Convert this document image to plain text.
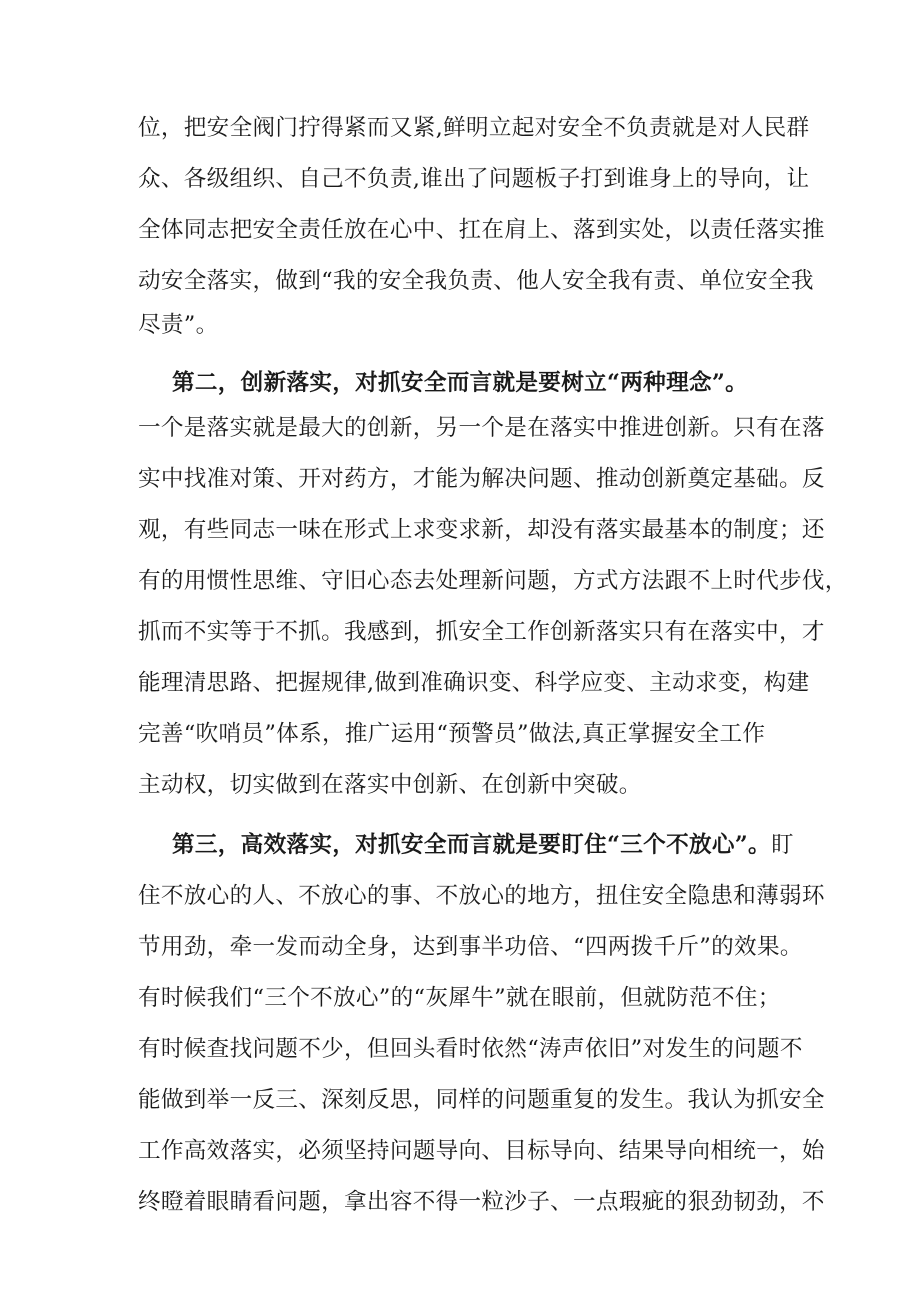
位，把安全阀门拧得紧而又紧,鲜明立起对安全不负责就是对人民群
众、各级组织、自己不负责,谁出了问题板子打到谁身上的导向，让
全体同志把安全责任放在心中、扛在肩上、落到实处，以责任落实推
动安全落实，做到“我的安全我负责、他人安全我有责、单位安全我
尽责”。
第二，创新落实，对抓安全而言就是要树立“两种理念”。
一个是落实就是最大的创新，另一个是在落实中推进创新。只有在落
实中找准对策、开对药方，才能为解决问题、推动创新奠定基础。反
观，有些同志一味在形式上求变求新，却没有落实最基本的制度；还
有的用惯性思维、守旧心态去处理新问题，方式方法跟不上时代步伐，
抓而不实等于不抓。我感到，抓安全工作创新落实只有在落实中，才
能理清思路、把握规律,做到准确识变、科学应变、主动求变，构建
完善“吹哨员”体系，推广运用“预警员”做法,真正掌握安全工作
主动权，切实做到在落实中创新、在创新中突破。
第三，高效落实，对抓安全而言就是要盯住“三个不放心”。盯
住不放心的人、不放心的事、不放心的地方，扭住安全隐患和薄弱环
节用劲，牵一发而动全身，达到事半功倍、“四两拨千斤”的效果。
有时候我们“三个不放心”的“灰犀牛”就在眼前，但就防范不住；
有时候查找问题不少，但回头看时依然“涛声依旧”对发生的问题不
能做到举一反三、深刻反思，同样的问题重复的发生。我认为抓安全
工作高效落实，必须坚持问题导向、目标导向、结果导向相统一，始
终瞪着眼睛看问题，拿出容不得一粒沙子、一点瑕疵的狠劲韧劲，不
